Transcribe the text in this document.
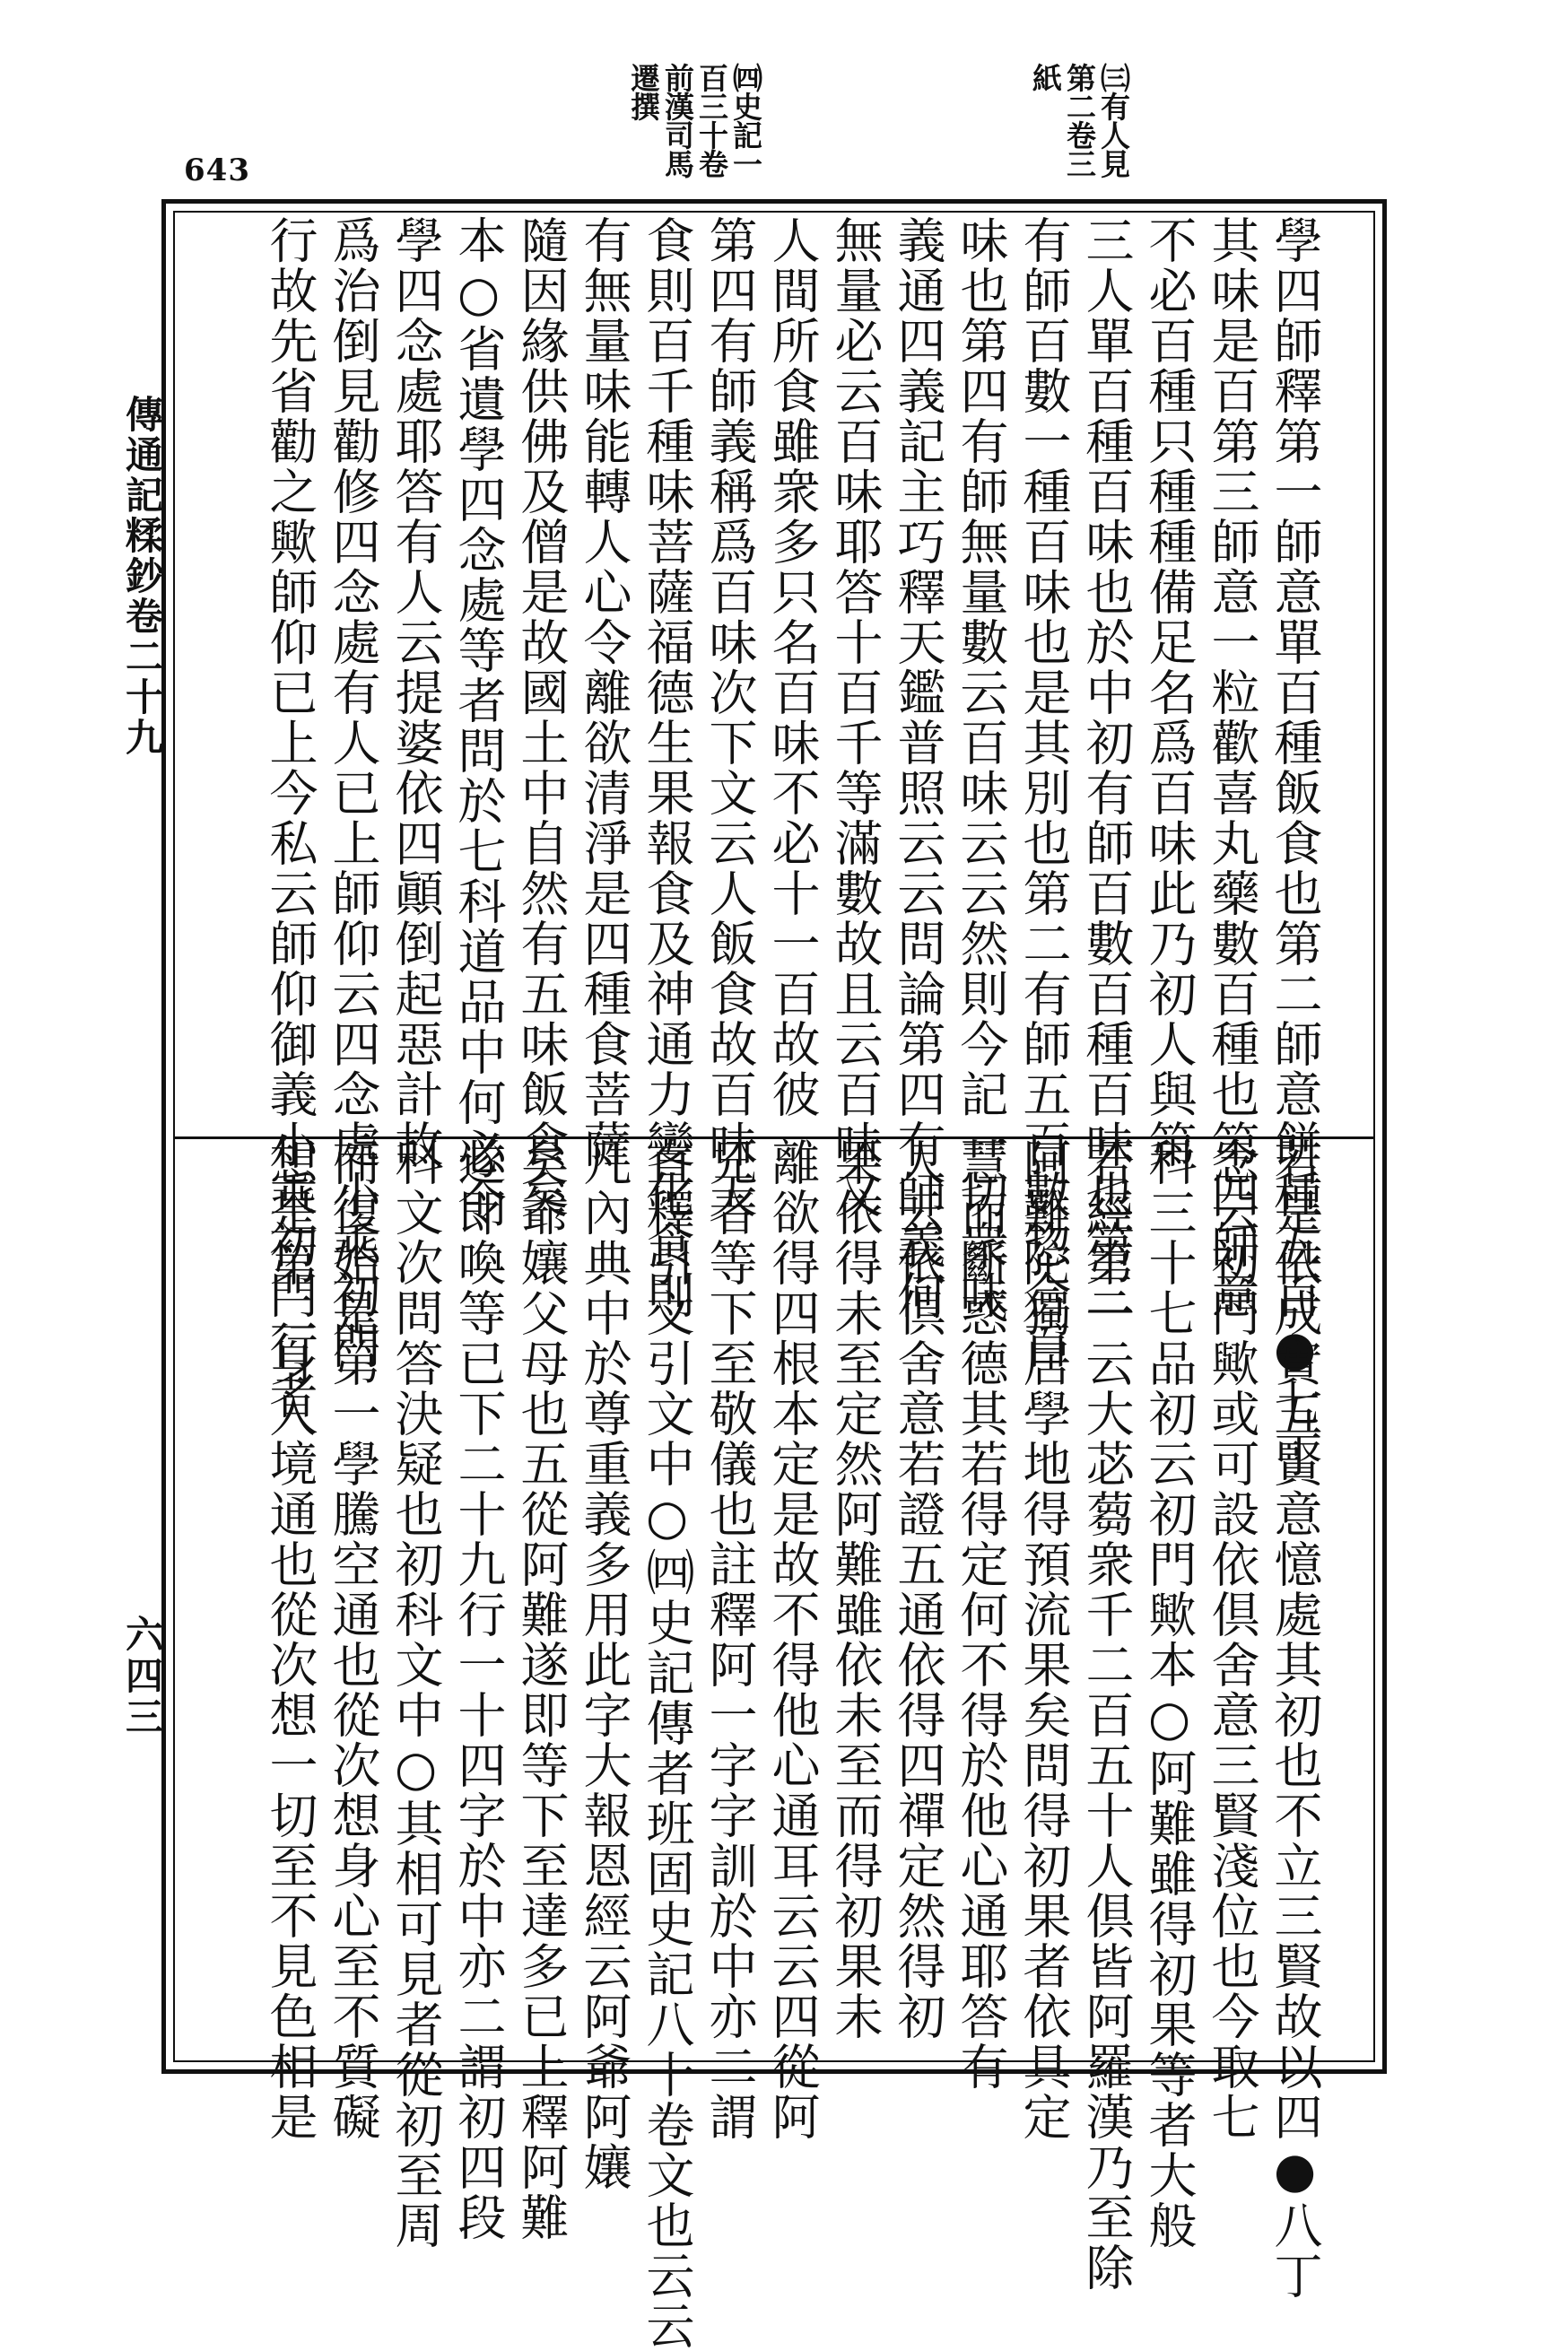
643	㈢有人見第二卷三紙
㈣史記一百三十卷前漢司馬遷撰
傳通記糅鈔卷二十九
六四三
學四師釋第一師意單百種飯食也第二師意餅種五百●七丁
其味是百第三師意一粒歡喜丸藥數百種也第四師意
不必百種只種種備足名爲百味此乃初人與第
三人單百種百味也於中初有師百數百種百味也第三
有師百數一種百味也是其別也第二有師五百數惣合百
味也第四有師無量數云百味云云然則今記一切衆味
義通四義記主巧釋天鑑普照云云問論第四有師義何
無量必云百味耶答十百千等滿數故且云百味又
人間所食雖衆多只名百味不必十一百故彼
第四有師義稱爲百味次下文云人飯食故百味天
食則百千種味菩薩福德生果報食及神通力變化食則
有無量味能轉人心令離欲清淨是四種食菩薩
隨因緣供佛及僧是故國土中自然有五味飯食矣
本○省遺學四念處等者問於七科道品中何必令
學四念處耶答有人云提婆依四顚倒起惡計故
爲治倒見勸修四念處有人已上師仰云四念處小乘初門
行故先省勸之歟師仰已上今私云師仰御義小乘初門行者
若是依成實五賢意憶處其初也不立三賢故以四●八丁
念云初門歟或可設依倶舍意三賢淺位也今取七
科三十七品初云初門歟本○阿難雖得初果等者大般
若經第一云大苾蒭衆千二百五十人倶皆阿羅漢乃至除
阿難陀獨居學地得預流果矣問得初果者依具定
慧而斷惑德其若得定何不得於他心通耶答有
人云依倶舍意若證五通依得四禪定然得初
果依得未至定然阿難雖依未至而得初果未
離欲得四根本定是故不得他心通耳云云四從阿
兄者等下至敬儀也註釋阿一字字訓於中亦二謂
直釋引文引文中○㈣史記傳者班固史記八十卷文也云云
凡內典中於尊重義多用此字大報恩經云阿爺阿孃
矣爺孃父母也五從阿難遂即等下至達多已上釋阿難
遂即喚等已下二十九行一十四字於中亦二謂初四段
科文次問答決疑也初科文中○其相可見者從初至周
而復始是第一學騰空通也從次想身心至不質礙
想是第二身入境通也從次想一切至不見色相是
